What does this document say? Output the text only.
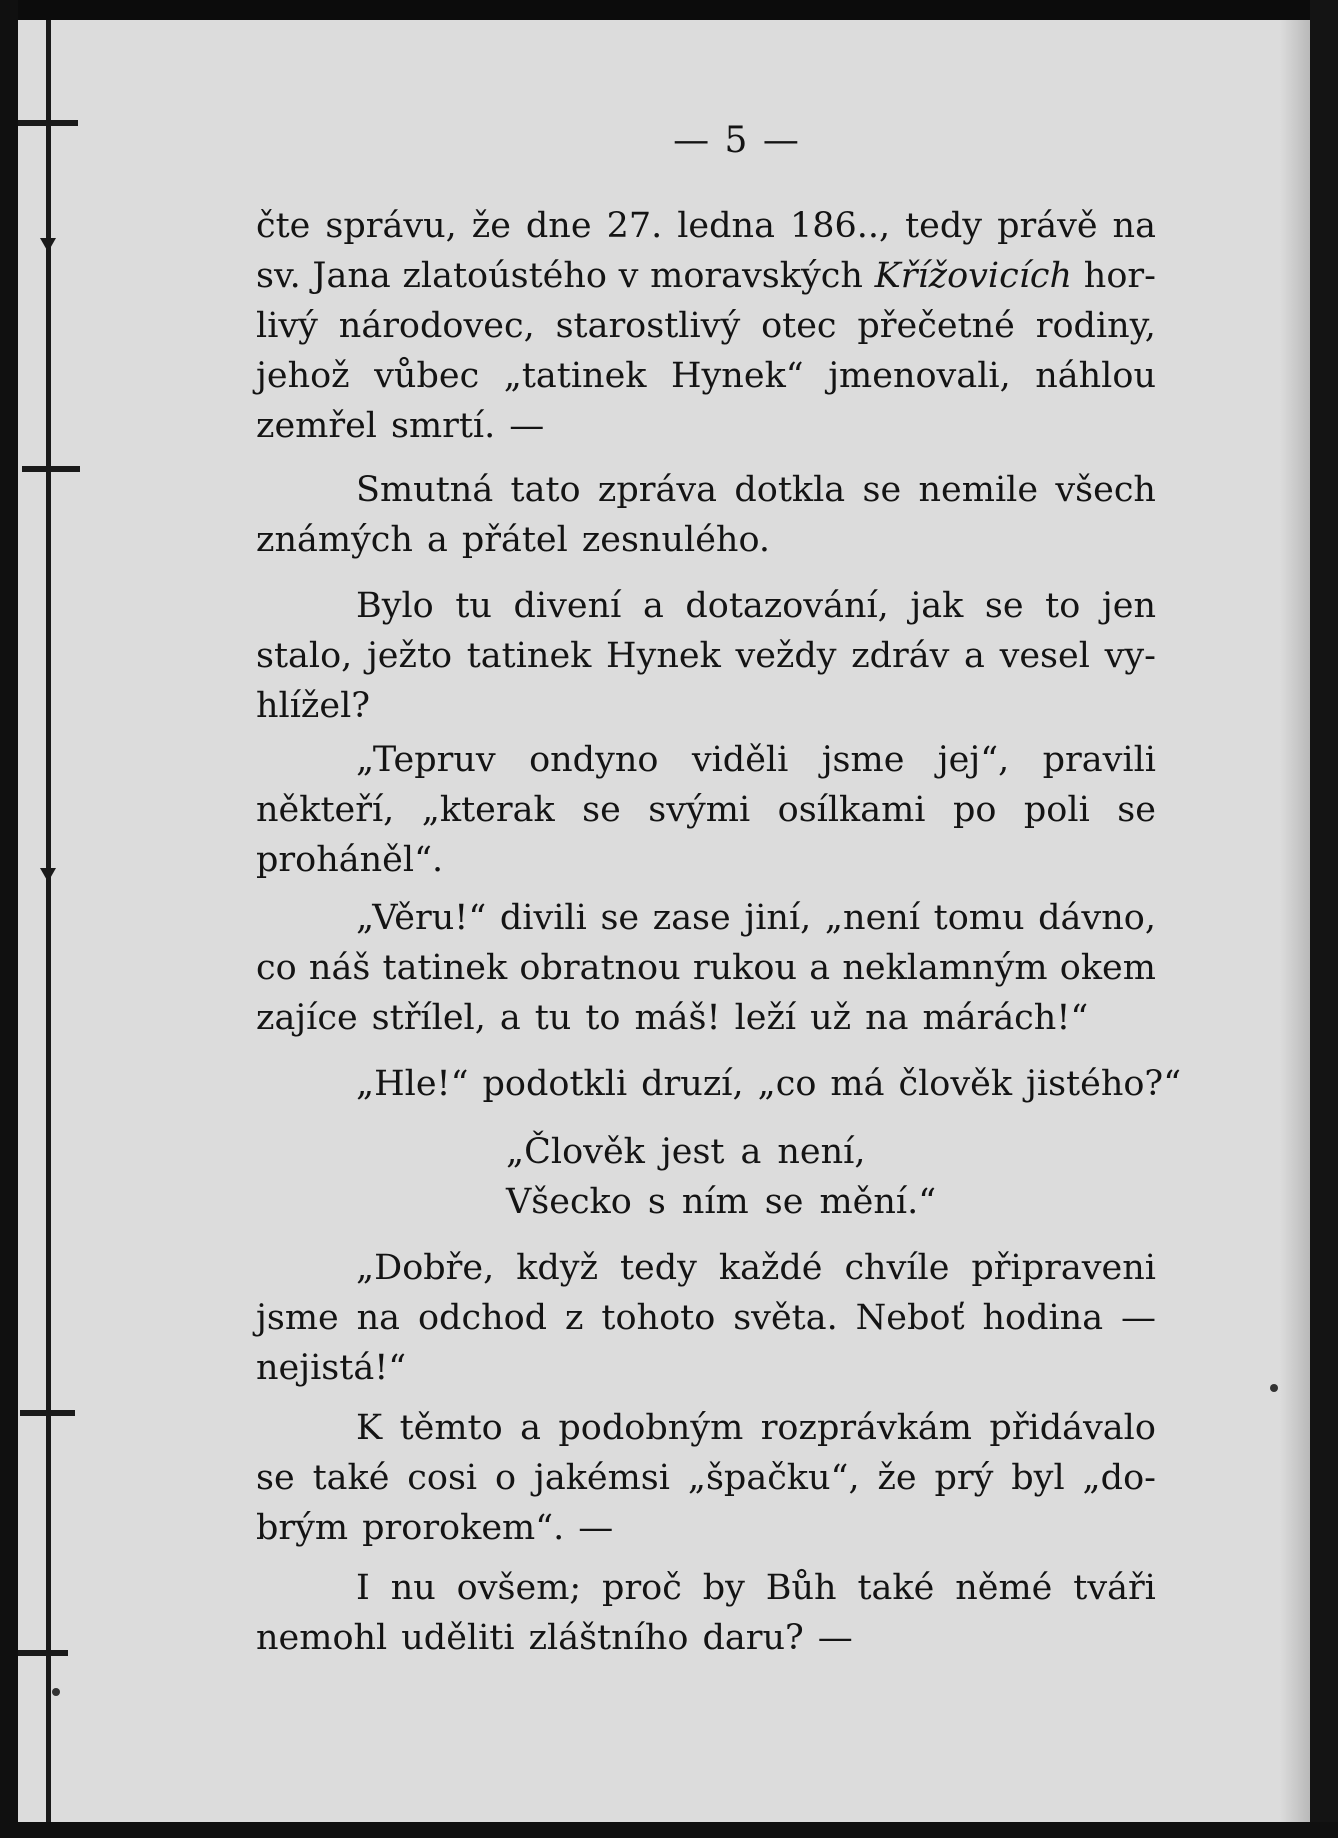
— 5 —
čte správu, že dne 27. ledna 186.., tedy právě na
sv. Jana zlatoústého v moravských Křížovicích hor-
livý národovec, starostlivý otec přečetné rodiny,
jehož vůbec „tatinek Hynek“ jmenovali, náhlou
zemřel smrtí. —
Smutná tato zpráva dotkla se nemile všech
známých a přátel zesnulého.
Bylo tu divení a dotazování, jak se to jen
stalo, ježto tatinek Hynek veždy zdráv a vesel vy-
hlížel?
„Tepruv ondyno viděli jsme jej“, pravili
někteří, „kterak se svými osílkami po poli se
proháněl“.
„Věru!“ divili se zase jiní, „není tomu dávno,
co náš tatinek obratnou rukou a neklamným okem
zajíce střílel, a tu to máš! leží už na márách!“
„Hle!“ podotkli druzí, „co má člověk jistého?“
„Člověk jest a není,
Všecko s ním se mění.“
„Dobře, když tedy každé chvíle připraveni
jsme na odchod z tohoto světa. Neboť hodina —
nejistá!“
K těmto a podobným rozprávkám přidávalo
se také cosi o jakémsi „špačku“, že prý byl „do-
brým prorokem“. —
I nu ovšem; proč by Bůh také němé tváři
nemohl uděliti zláštního daru? —
